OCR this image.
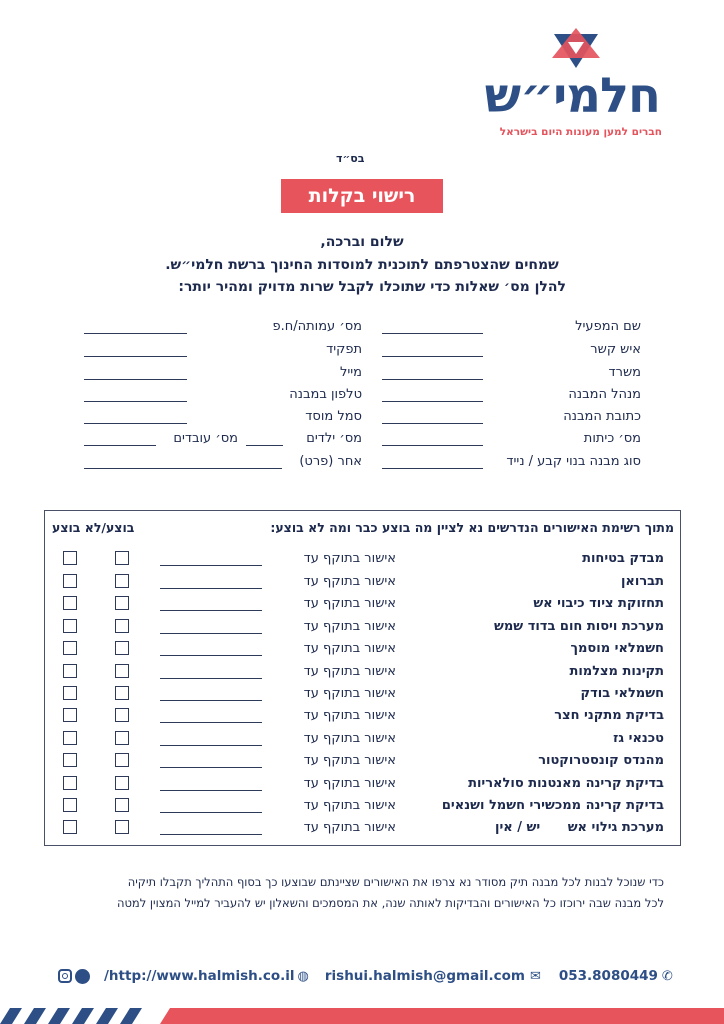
חלמי״ש
חברים למען מעונות היום בישראל
בס״ד
רישוי בקלות
שלום וברכה,
שמחים שהצטרפתם לתוכנית למוסדות החינוך ברשת חלמי״ש.
להלן מס׳ שאלות כדי שתוכלו לקבל שרות מדויק ומהיר יותר:
שם המפעיל
איש קשר
משרד
מנהל המבנה
כתובת המבנה
מס׳ כיתות
סוג מבנה בנוי קבע / נייד
מס׳ עמותה/ח.פ
תפקיד
מייל
טלפון במבנה
סמל מוסד
מס׳ ילדים
מס׳ עובדים
אחר (פרט)
מתוך רשימת האישורים הנדרשים נא לציין מה בוצע כבר ומה לא בוצע:
בוצע/לא בוצע
מבדק בטיחות
אישור בתוקף עד
תברואן
אישור בתוקף עד
תחזוקת ציוד כיבוי אש
אישור בתוקף עד
מערכת ויסות חום בדוד שמש
אישור בתוקף עד
חשמלאי מוסמך
אישור בתוקף עד
תקינות מצלמות
אישור בתוקף עד
חשמלאי בודק
אישור בתוקף עד
בדיקת מתקני חצר
אישור בתוקף עד
טכנאי גז
אישור בתוקף עד
מהנדס קונסטרוקטור
אישור בתוקף עד
בדיקת קרינה מאנטנות סולאריות
אישור בתוקף עד
בדיקת קרינה ממכשירי חשמל ושנאים
אישור בתוקף עד
מערכת גילוי אש
יש / אין
אישור בתוקף עד
כדי שנוכל לבנות לכל מבנה תיק מסודר נא צרפו את האישורים שציינתם שבוצעו כך בסוף התהליך תקבלו תיקיה
לכל מבנה שבה ירוכזו כל האישורים והבדיקות לאותה שנה, את המסמכים והשאלון יש להעביר למייל המצוין למטה
f	/http://www.halmish.co.il ◍ rishui.halmish@gmail.com ✉ 053.8080449 ✆
